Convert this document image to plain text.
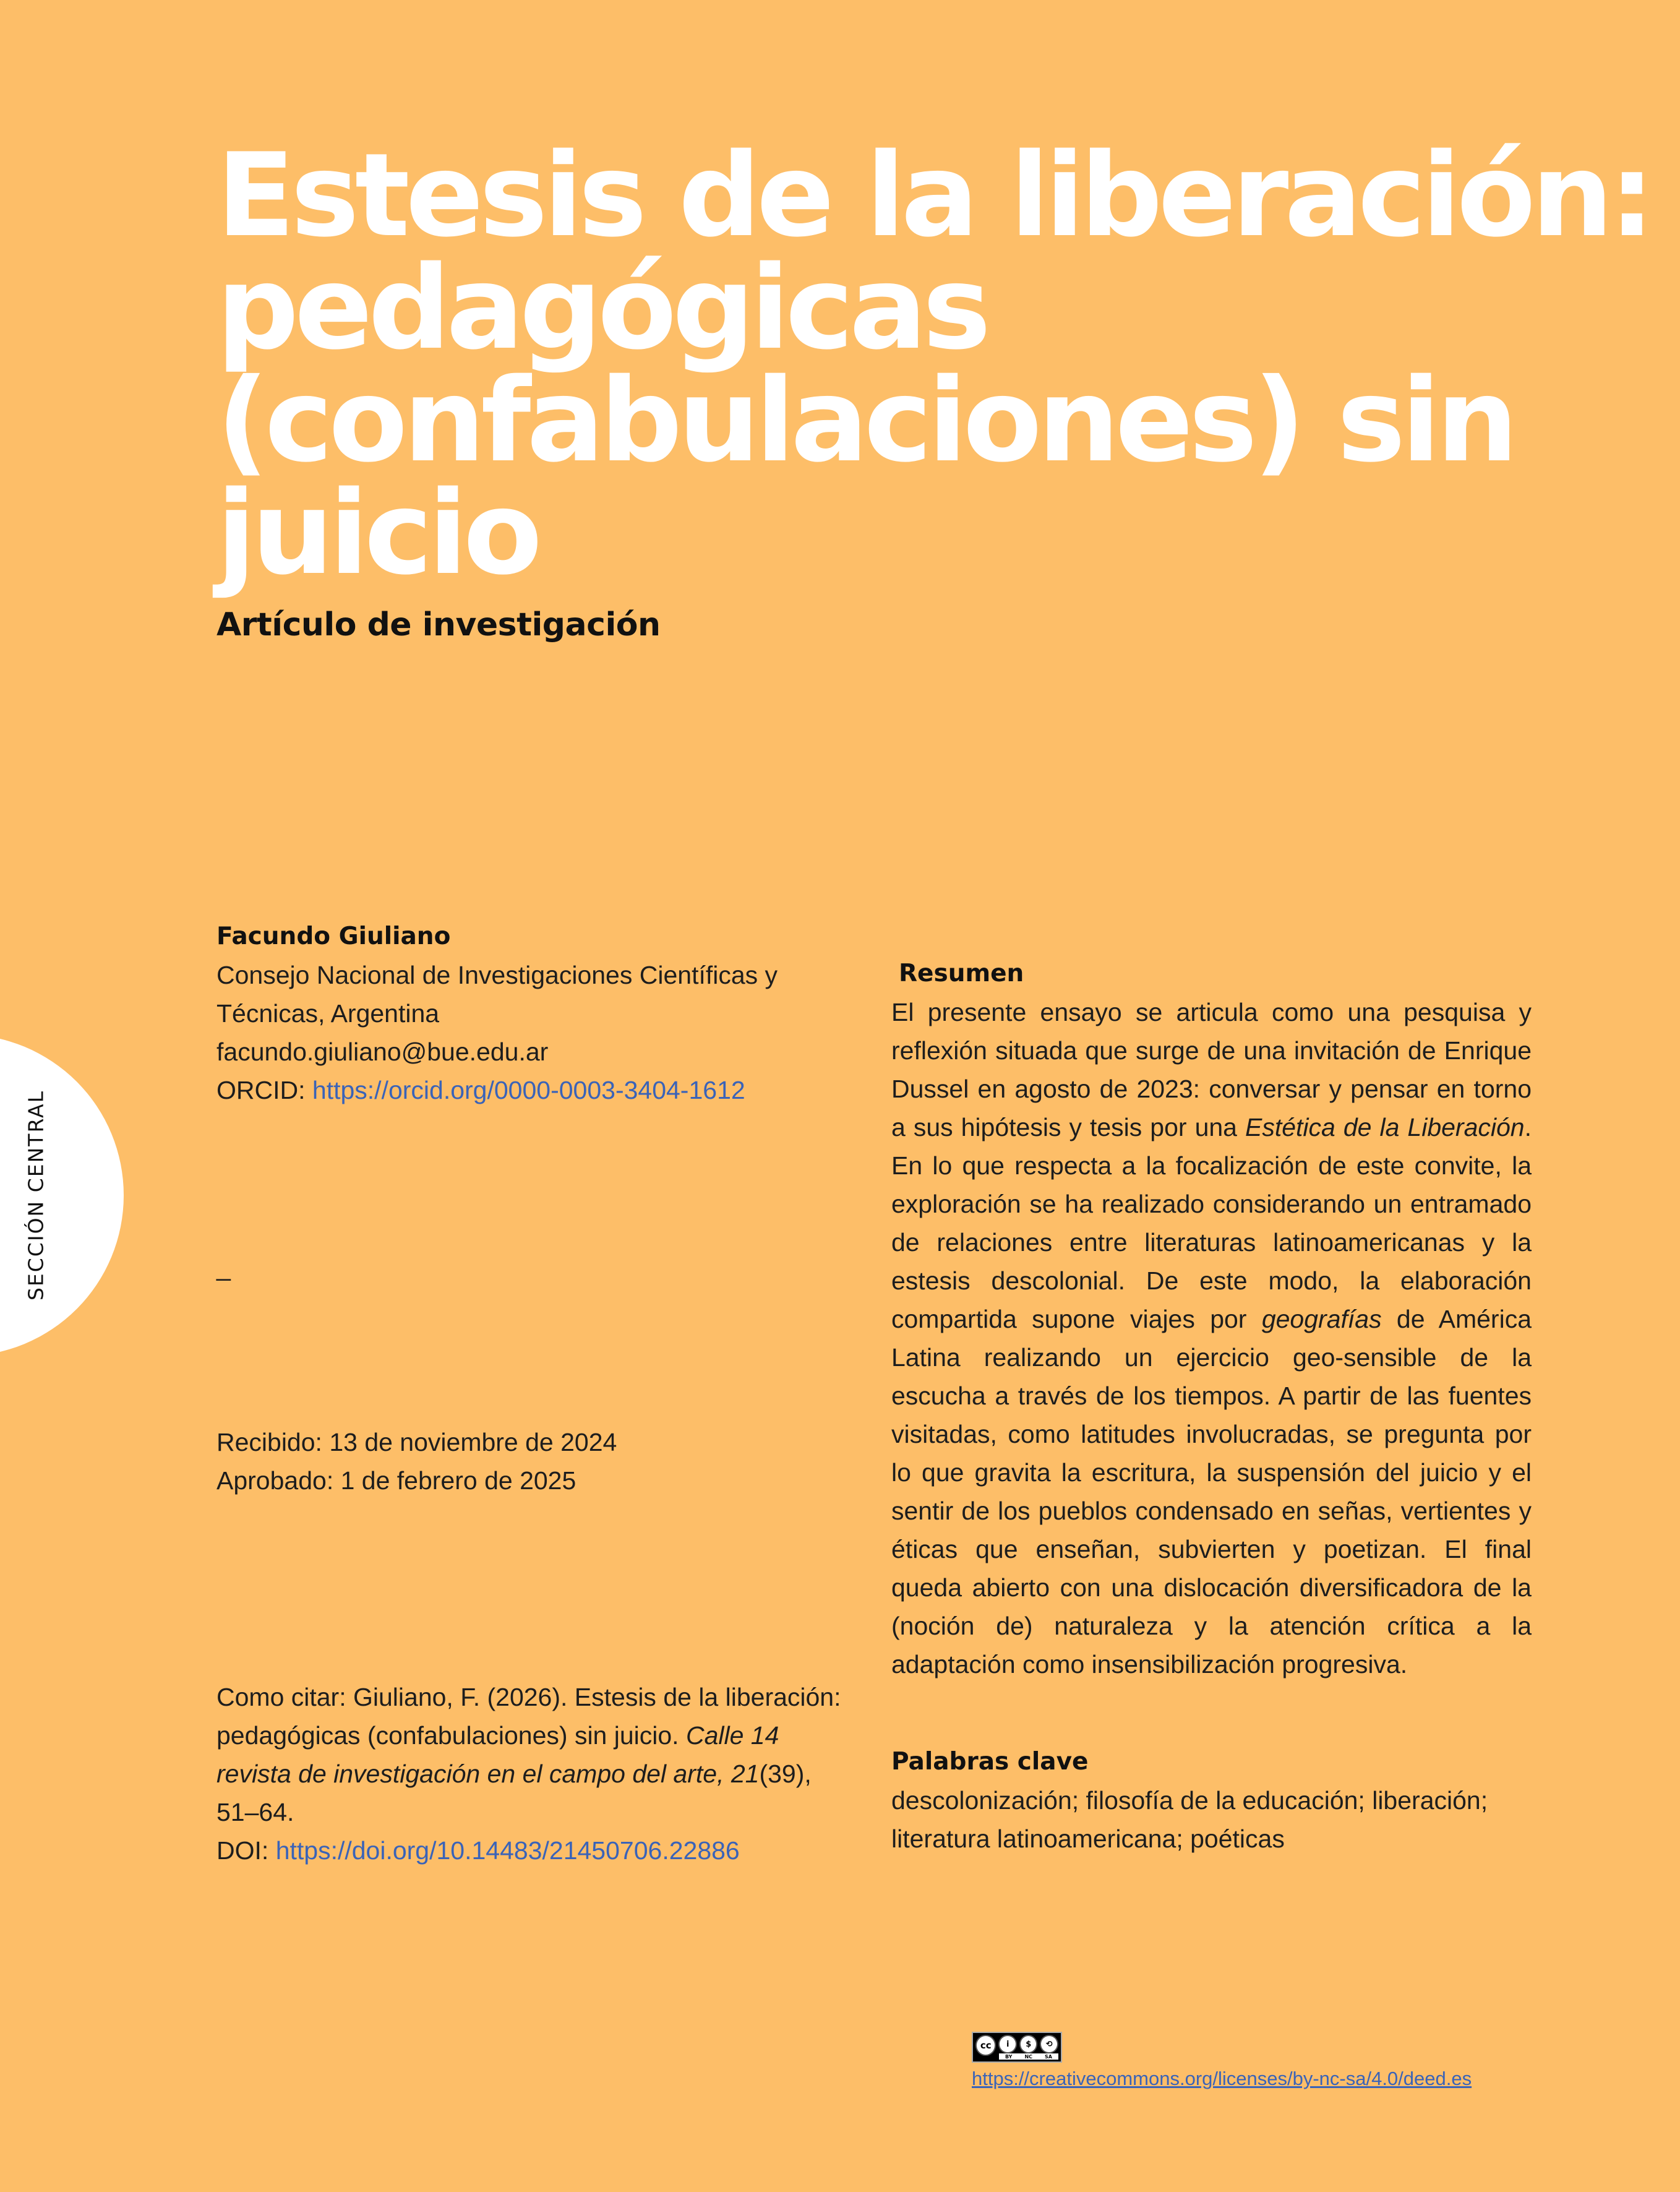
Estesis de la liberación:
pedagógicas
(confabulaciones) sin
juicio
Artículo de investigación
SECCIÓN CENTRAL
Facundo Giuliano
Consejo Nacional de Investigaciones Científicas y
Técnicas, Argentina
facundo.giuliano@bue.edu.ar
ORCID: https://orcid.org/0000-0003-3404-1612
_
Recibido: 13 de noviembre de 2024
Aprobado: 1 de febrero de 2025
Como citar: Giuliano, F. (2026). Estesis de la liberación:
pedagógicas (confabulaciones) sin juicio. Calle 14
revista de investigación en el campo del arte, 21(39),
51–64.
DOI: https://doi.org/10.14483/21450706.22886
Resumen

El presente ensayo se articula como una pesquisa y reflexión situada que surge de una invitación de Enrique Dussel en agosto de 2023: conversar y pensar en torno a sus hipótesis y tesis por una Estética de la Liberación. En lo que respecta a la focalización de este convite, la exploración se ha realizado considerando un entramado de relaciones entre literaturas latinoamericanas y la estesis descolonial. De este modo, la elaboración compartida supone viajes por geografías de América Latina realizando un ejercicio geo-sensible de la escucha a través de los tiempos. A partir de las fuentes visitadas, como latitudes involucradas, se pregunta por lo que gravita la escritura, la suspensión del juicio y el sentir de los pueblos condensado en señas, vertientes y éticas que enseñan, subvierten y poetizan. El final queda abierto con una dislocación diversificadora de la (noción de) naturaleza y la atención crítica a la adaptación como insensibilización progresiva.

Palabras clave
descolonización; filosofía de la educación; liberación; literatura latinoamericana; poéticas
cc	i	$	⟲
BY	NC	SA
https://creativecommons.org/licenses/by-nc-sa/4.0/deed.es
